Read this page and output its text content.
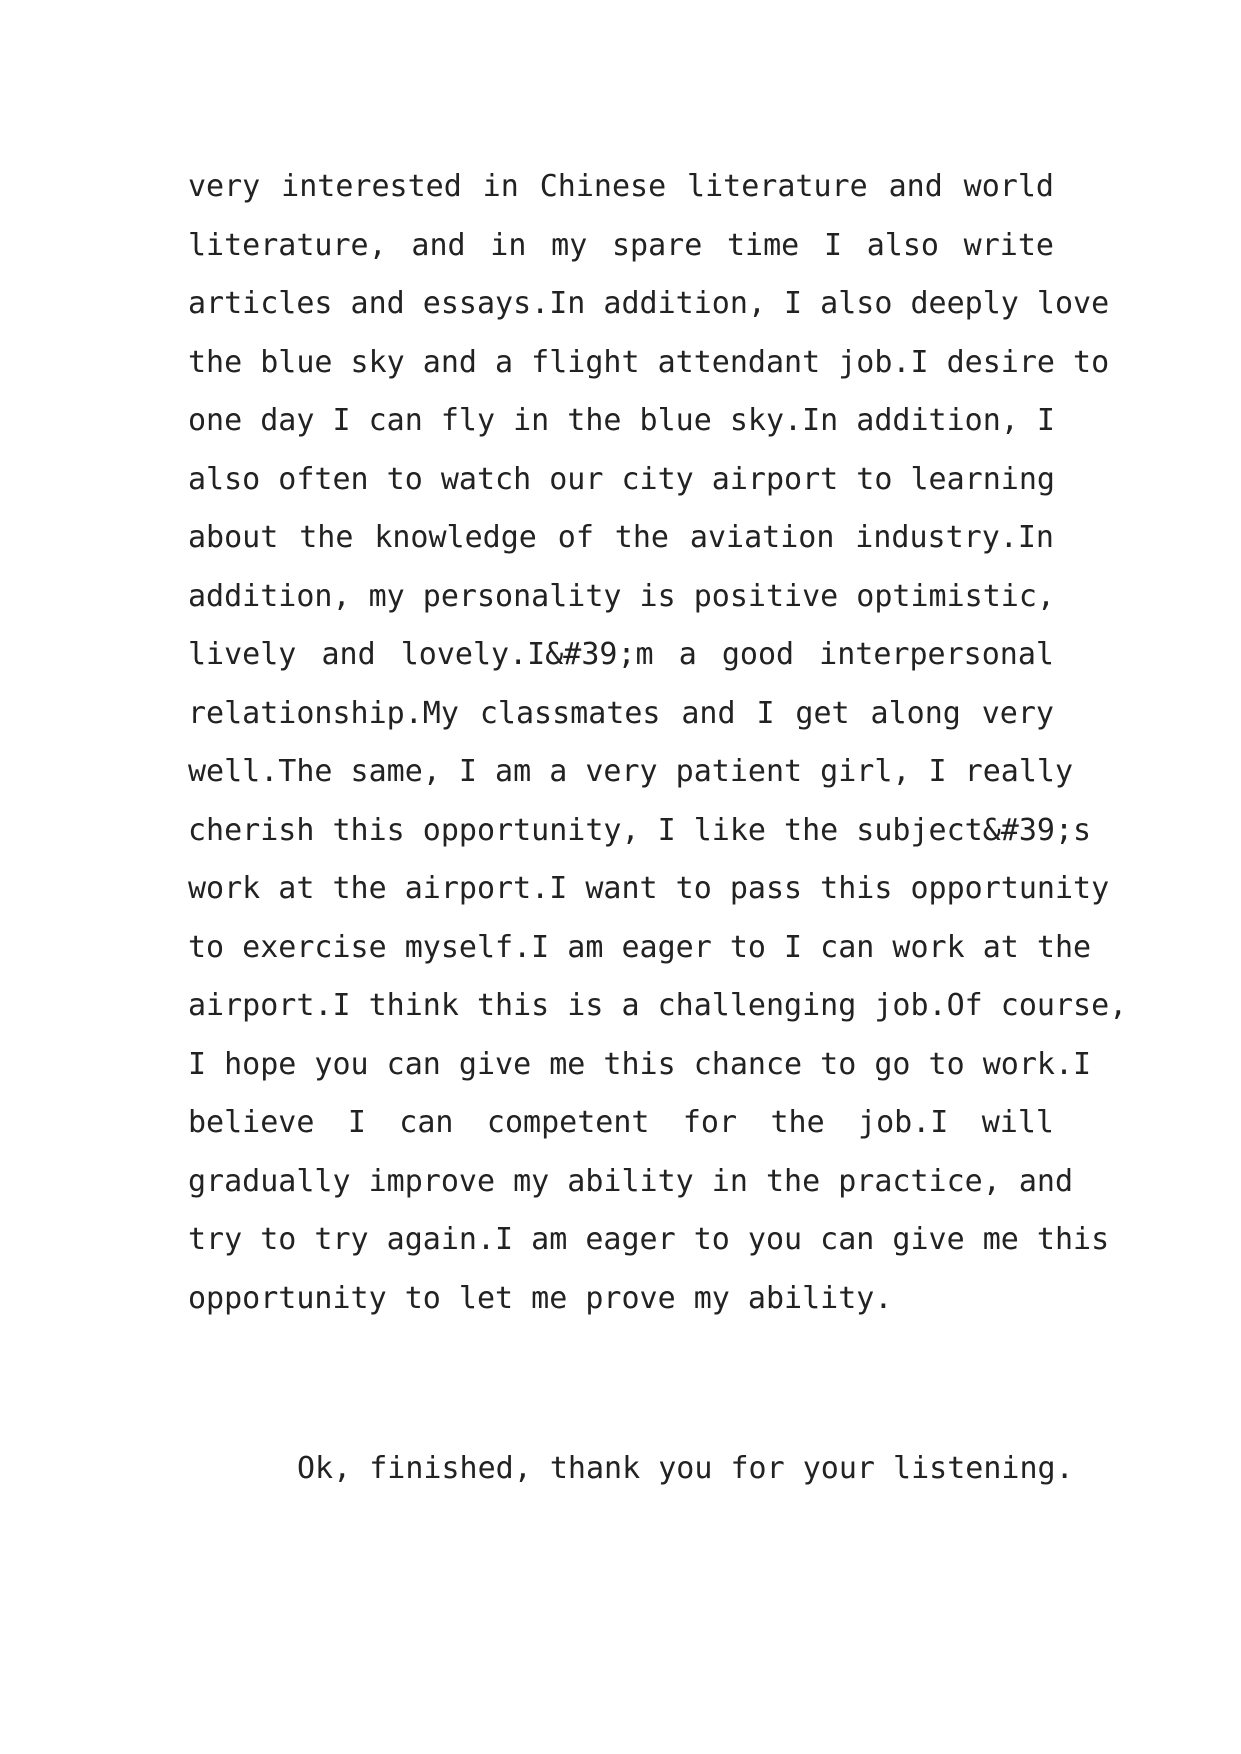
very interested in Chinese literature and world
literature, and in my spare time I also write
articles and essays.In addition, I also deeply love
the blue sky and a flight attendant job.I desire to
one day I can fly in the blue sky.In addition, I
also often to watch our city airport to learning
about the knowledge of the aviation industry.In
addition, my personality is positive optimistic,
lively and lovely.I&#39;m a good interpersonal
relationship.My classmates and I get along very
well.The same, I am a very patient girl, I really
cherish this opportunity, I like the subject&#39;s
work at the airport.I want to pass this opportunity
to exercise myself.I am eager to I can work at the
airport.I think this is a challenging job.Of course,
I hope you can give me this chance to go to work.I
believe I can competent for the job.I will
gradually improve my ability in the practice, and
try to try again.I am eager to you can give me this
opportunity to let me prove my ability.

Ok, finished, thank you for your listening.
